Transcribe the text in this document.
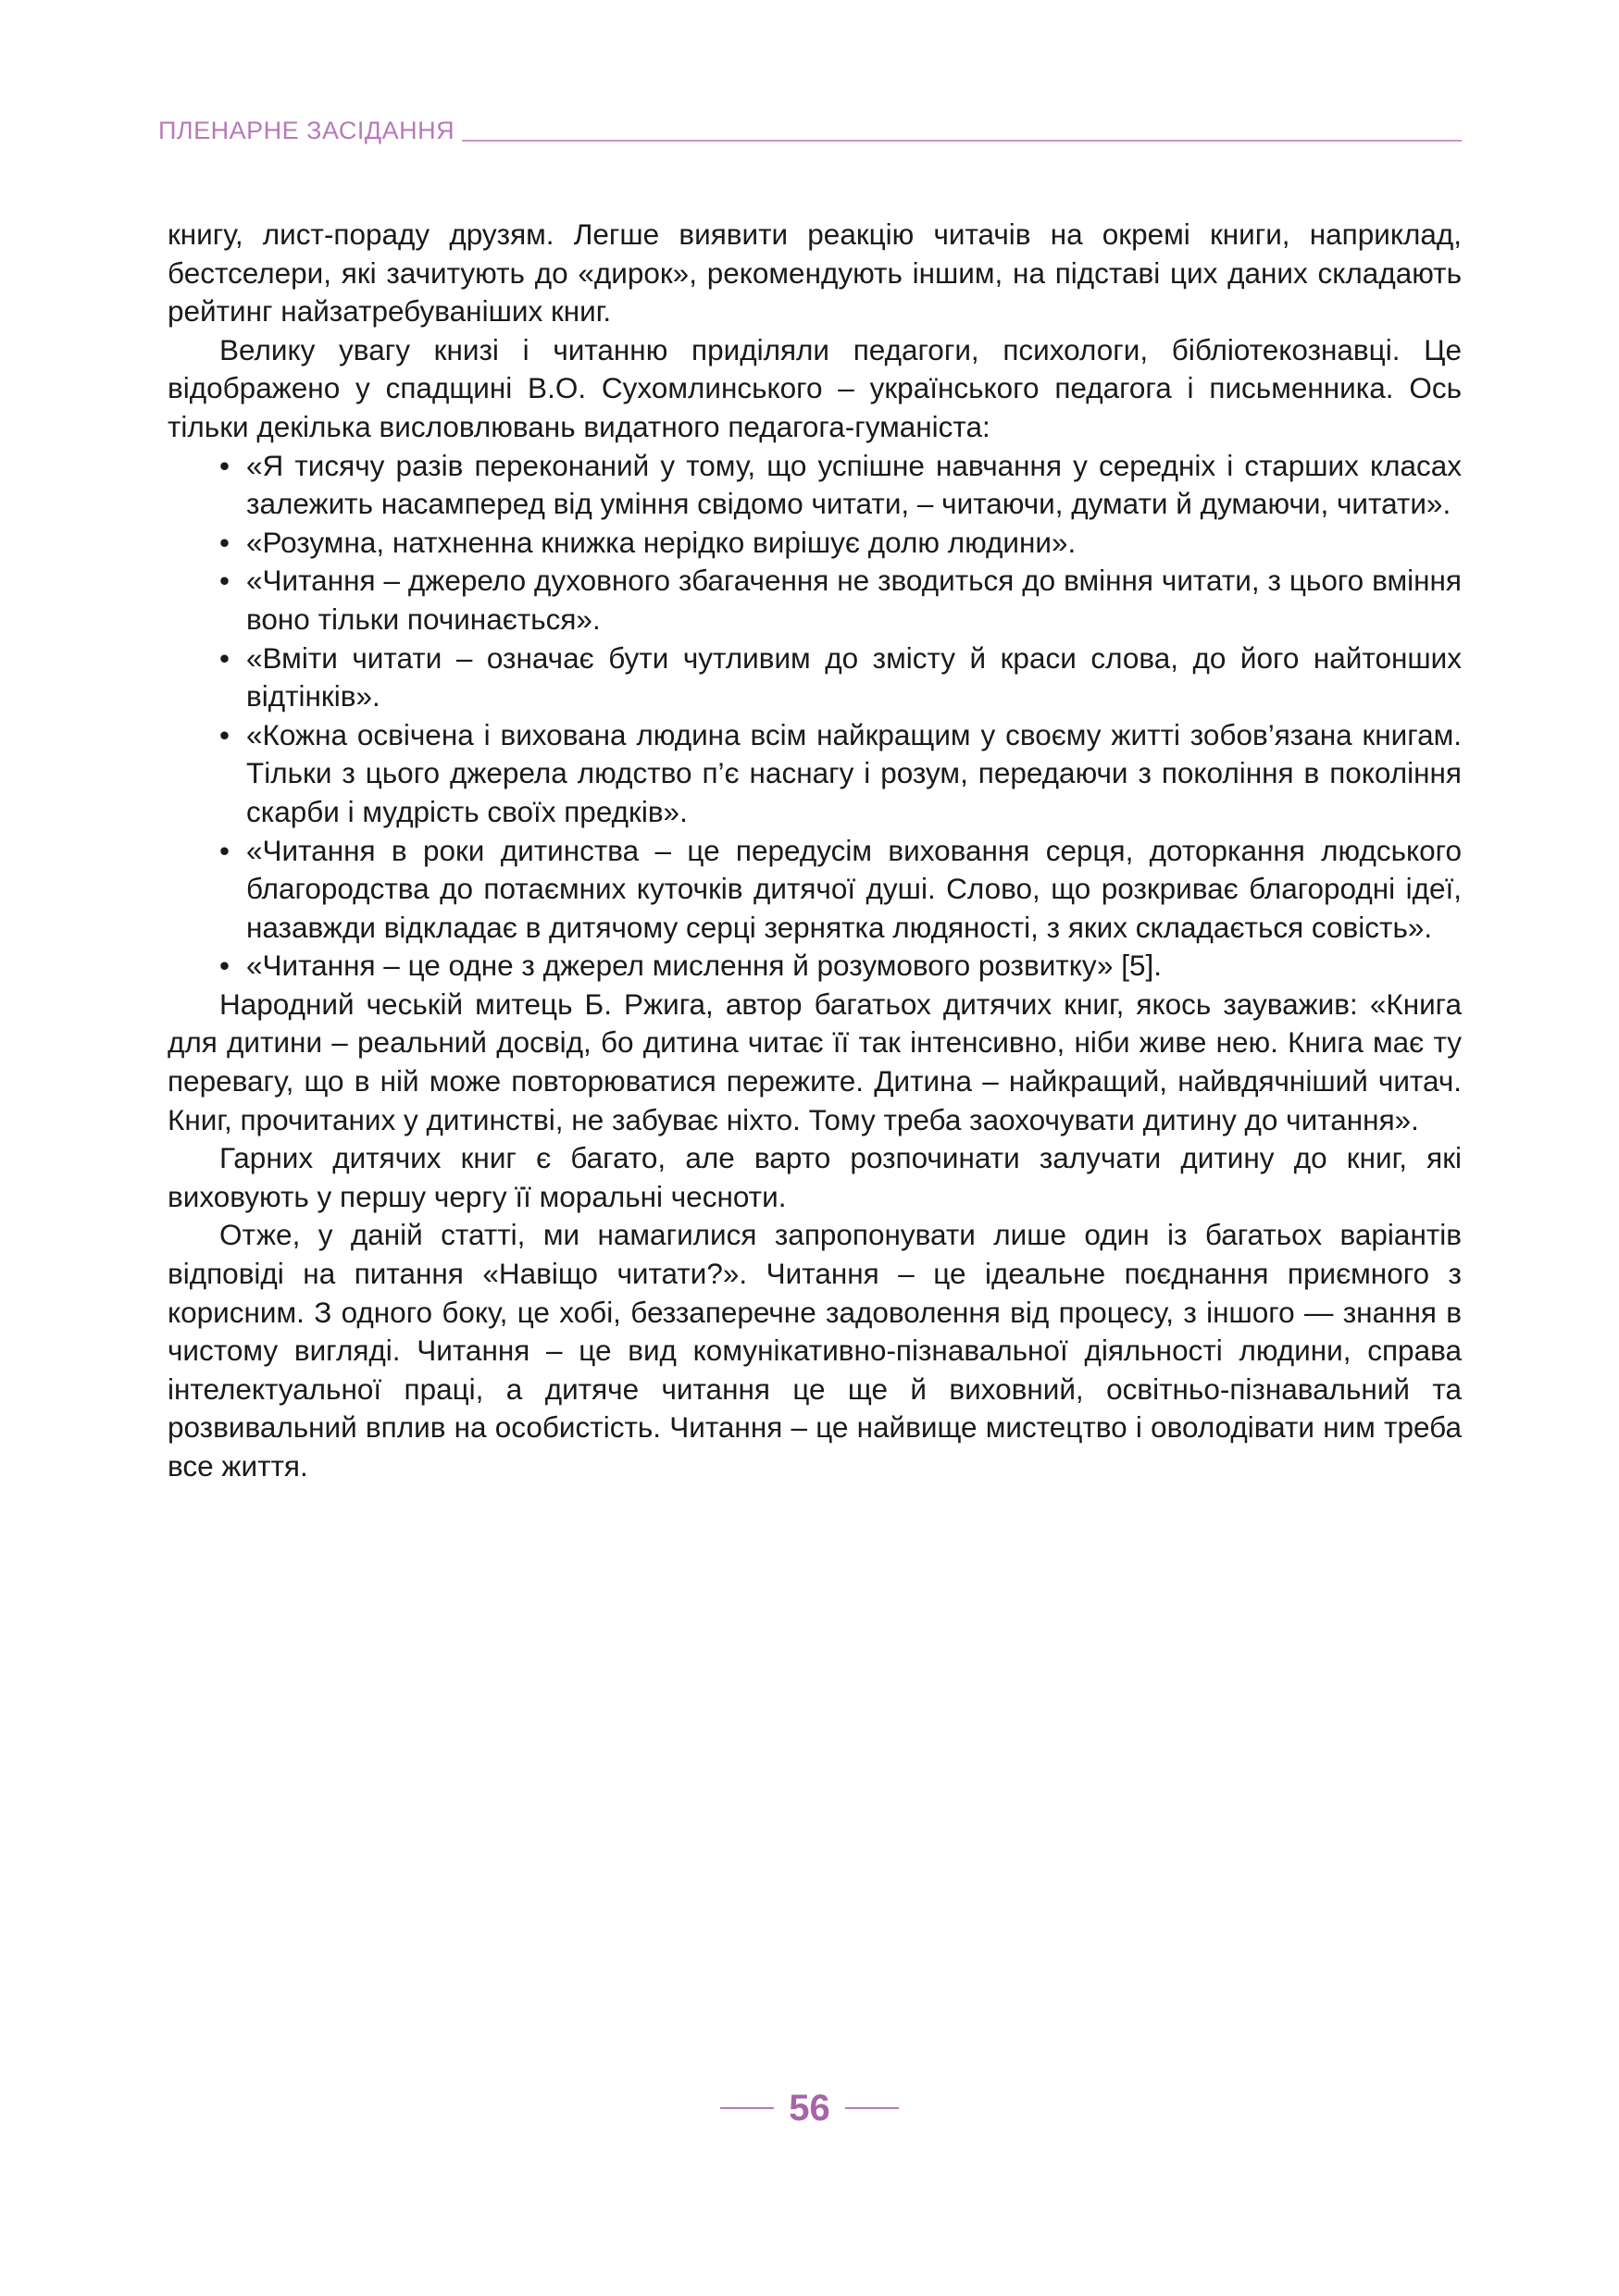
ПЛЕНАРНЕ ЗАСІДАННЯ

книгу, лист-пораду друзям. Легше виявити реакцію читачів на окремі книги, наприклад, бестселери, які зачитують до «дирок», рекомендують іншим, на підставі цих даних складають рейтинг найзатребуваніших книг.

Велику увагу книзі і читанню приділяли педагоги, психологи, бібліотекознавці. Це відображено у спадщині В.О. Сухомлинського – українського педагога і письменника. Ось тільки декілька висловлювань видатного педагога-гуманіста:

• «Я тисячу разів переконаний у тому, що успішне навчання у середніх і старших класах залежить насамперед від уміння свідомо читати, – читаючи, думати й думаючи, читати».
• «Розумна, натхненна книжка нерідко вирішує долю людини».
• «Читання – джерело духовного збагачення не зводиться до вміння читати, з цього вміння воно тільки починається».
• «Вміти читати – означає бути чутливим до змісту й краси слова, до його найтонших відтінків».
• «Кожна освічена і вихована людина всім найкращим у своєму житті зобов’язана книгам. Тільки з цього джерела людство п’є наснагу і розум, передаючи з покоління в покоління скарби і мудрість своїх предків».
• «Читання в роки дитинства – це передусім виховання серця, доторкання людського благородства до потаємних куточків дитячої душі. Слово, що розкриває благородні ідеї, назавжди відкладає в дитячому серці зернятка людяності, з яких складається совість».
• «Читання – це одне з джерел мислення й розумового розвитку» [5].

Народний чеській митець Б. Ржига, автор багатьох дитячих книг, якось зауважив: «Книга для дитини – реальний досвід, бо дитина читає її так інтенсивно, ніби живе нею. Книга має ту перевагу, що в ній може повторюватися пережите. Дитина – найкращий, найвдячніший читач. Книг, прочитаних у дитинстві, не забуває ніхто. Тому треба заохочувати дитину до читання».

Гарних дитячих книг є багато, але варто розпочинати залучати дитину до книг, які виховують у першу чергу її моральні чесноти.

Отже, у даній статті, ми намагилися запропонувати лише один із багатьох варіантів відповіді на питання «Навіщо читати?». Читання – це ідеальне поєднання приємного з корисним. З одного боку, це хобі, беззаперечне задоволення від процесу, з іншого — знання в чистому вигляді. Читання – це вид комунікативно-пізнавальної діяльності людини, справа інтелектуальної праці, а дитяче читання це ще й виховний, освітньо-пізнавальний та розвивальний вплив на особистість. Читання – це найвище мистецтво і оволодівати ним треба все життя.

56
